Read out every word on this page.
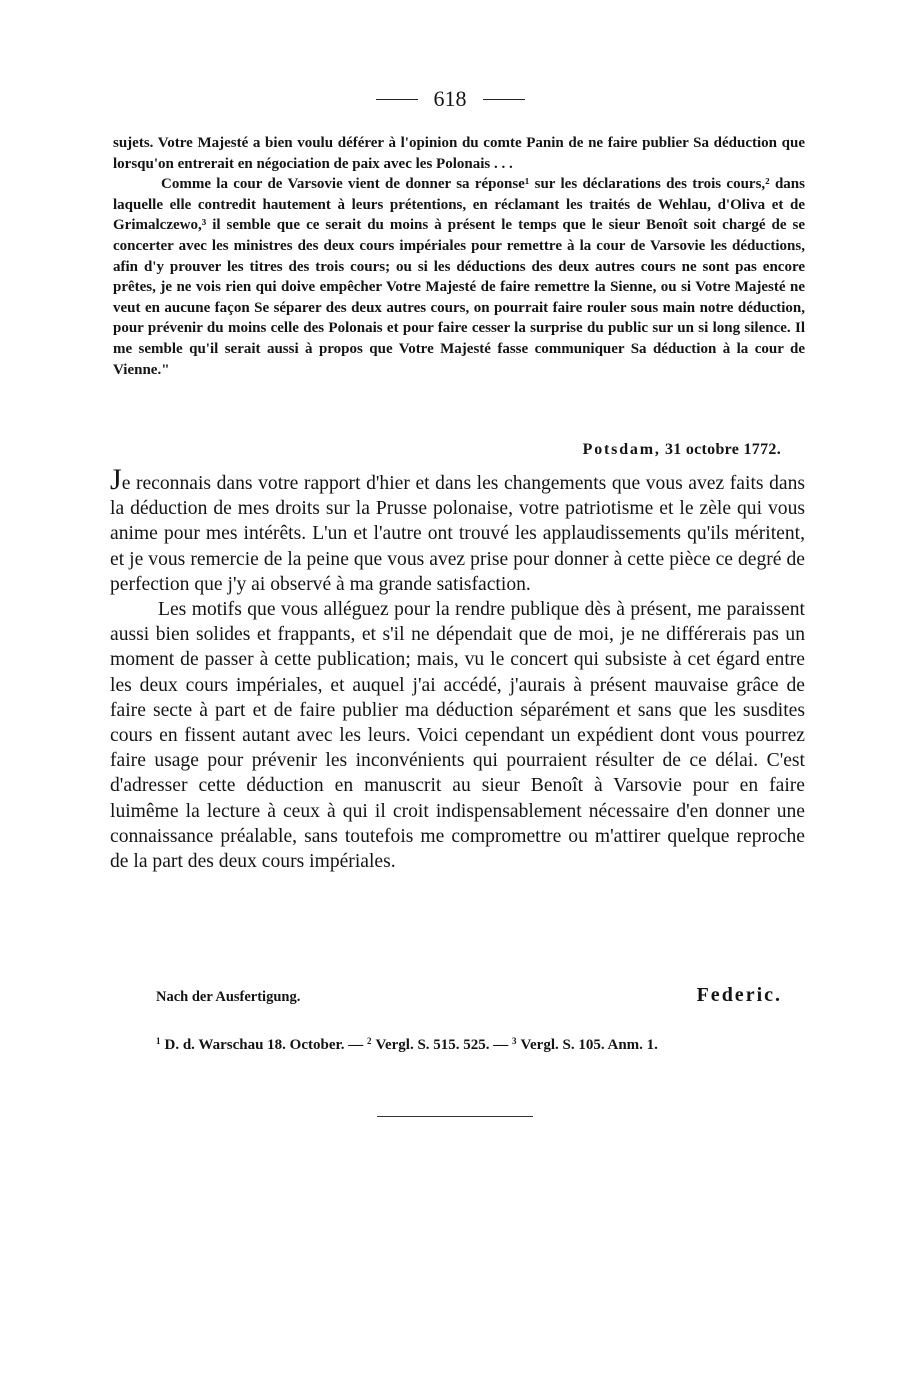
618

sujets. Votre Majesté a bien voulu déférer à l'opinion du comte Panin de ne faire publier Sa déduction que lorsqu'on entrerait en négociation de paix avec les Polonais . . .

Comme la cour de Varsovie vient de donner sa réponse¹ sur les déclarations des trois cours,² dans laquelle elle contredit hautement à leurs prétentions, en réclamant les traités de Wehlau, d'Oliva et de Grimalczewo,³ il semble que ce serait du moins à présent le temps que le sieur Benoît soit chargé de se concerter avec les ministres des deux cours impériales pour remettre à la cour de Varsovie les déductions, afin d'y prouver les titres des trois cours; ou si les déductions des deux autres cours ne sont pas encore prêtes, je ne vois rien qui doive empêcher Votre Majesté de faire remettre la Sienne, ou si Votre Majesté ne veut en aucune façon Se séparer des deux autres cours, on pourrait faire rouler sous main notre déduction, pour prévenir du moins celle des Polonais et pour faire cesser la surprise du public sur un si long silence. Il me semble qu'il serait aussi à propos que Votre Majesté fasse communiquer Sa déduction à la cour de Vienne."

Potsdam, 31 octobre 1772.

Je reconnais dans votre rapport d'hier et dans les changements que vous avez faits dans la déduction de mes droits sur la Prusse polonaise, votre patriotisme et le zèle qui vous anime pour mes intérêts. L'un et l'autre ont trouvé les applaudissements qu'ils méritent, et je vous remercie de la peine que vous avez prise pour donner à cette pièce ce degré de perfection que j'y ai observé à ma grande satisfaction.

Les motifs que vous alléguez pour la rendre publique dès à présent, me paraissent aussi bien solides et frappants, et s'il ne dépendait que de moi, je ne différerais pas un moment de passer à cette publication; mais, vu le concert qui subsiste à cet égard entre les deux cours impériales, et auquel j'ai accédé, j'aurais à présent mauvaise grâce de faire secte à part et de faire publier ma déduction séparément et sans que les susdites cours en fissent autant avec les leurs. Voici cependant un expédient dont vous pourrez faire usage pour prévenir les inconvénients qui pourraient résulter de ce délai. C'est d'adresser cette déduction en manuscrit au sieur Benoît à Varsovie pour en faire luimême la lecture à ceux à qui il croit indispensablement nécessaire d'en donner une connaissance préalable, sans toutefois me compromettre ou m'attirer quelque reproche de la part des deux cours impériales.

Nach der Ausfertigung.	Federic.
$^1$ D. d. Warschau 18. October. — $^2$ Vergl. S. 515. 525. — $^3$ Vergl. S. 105. Anm. 1.
